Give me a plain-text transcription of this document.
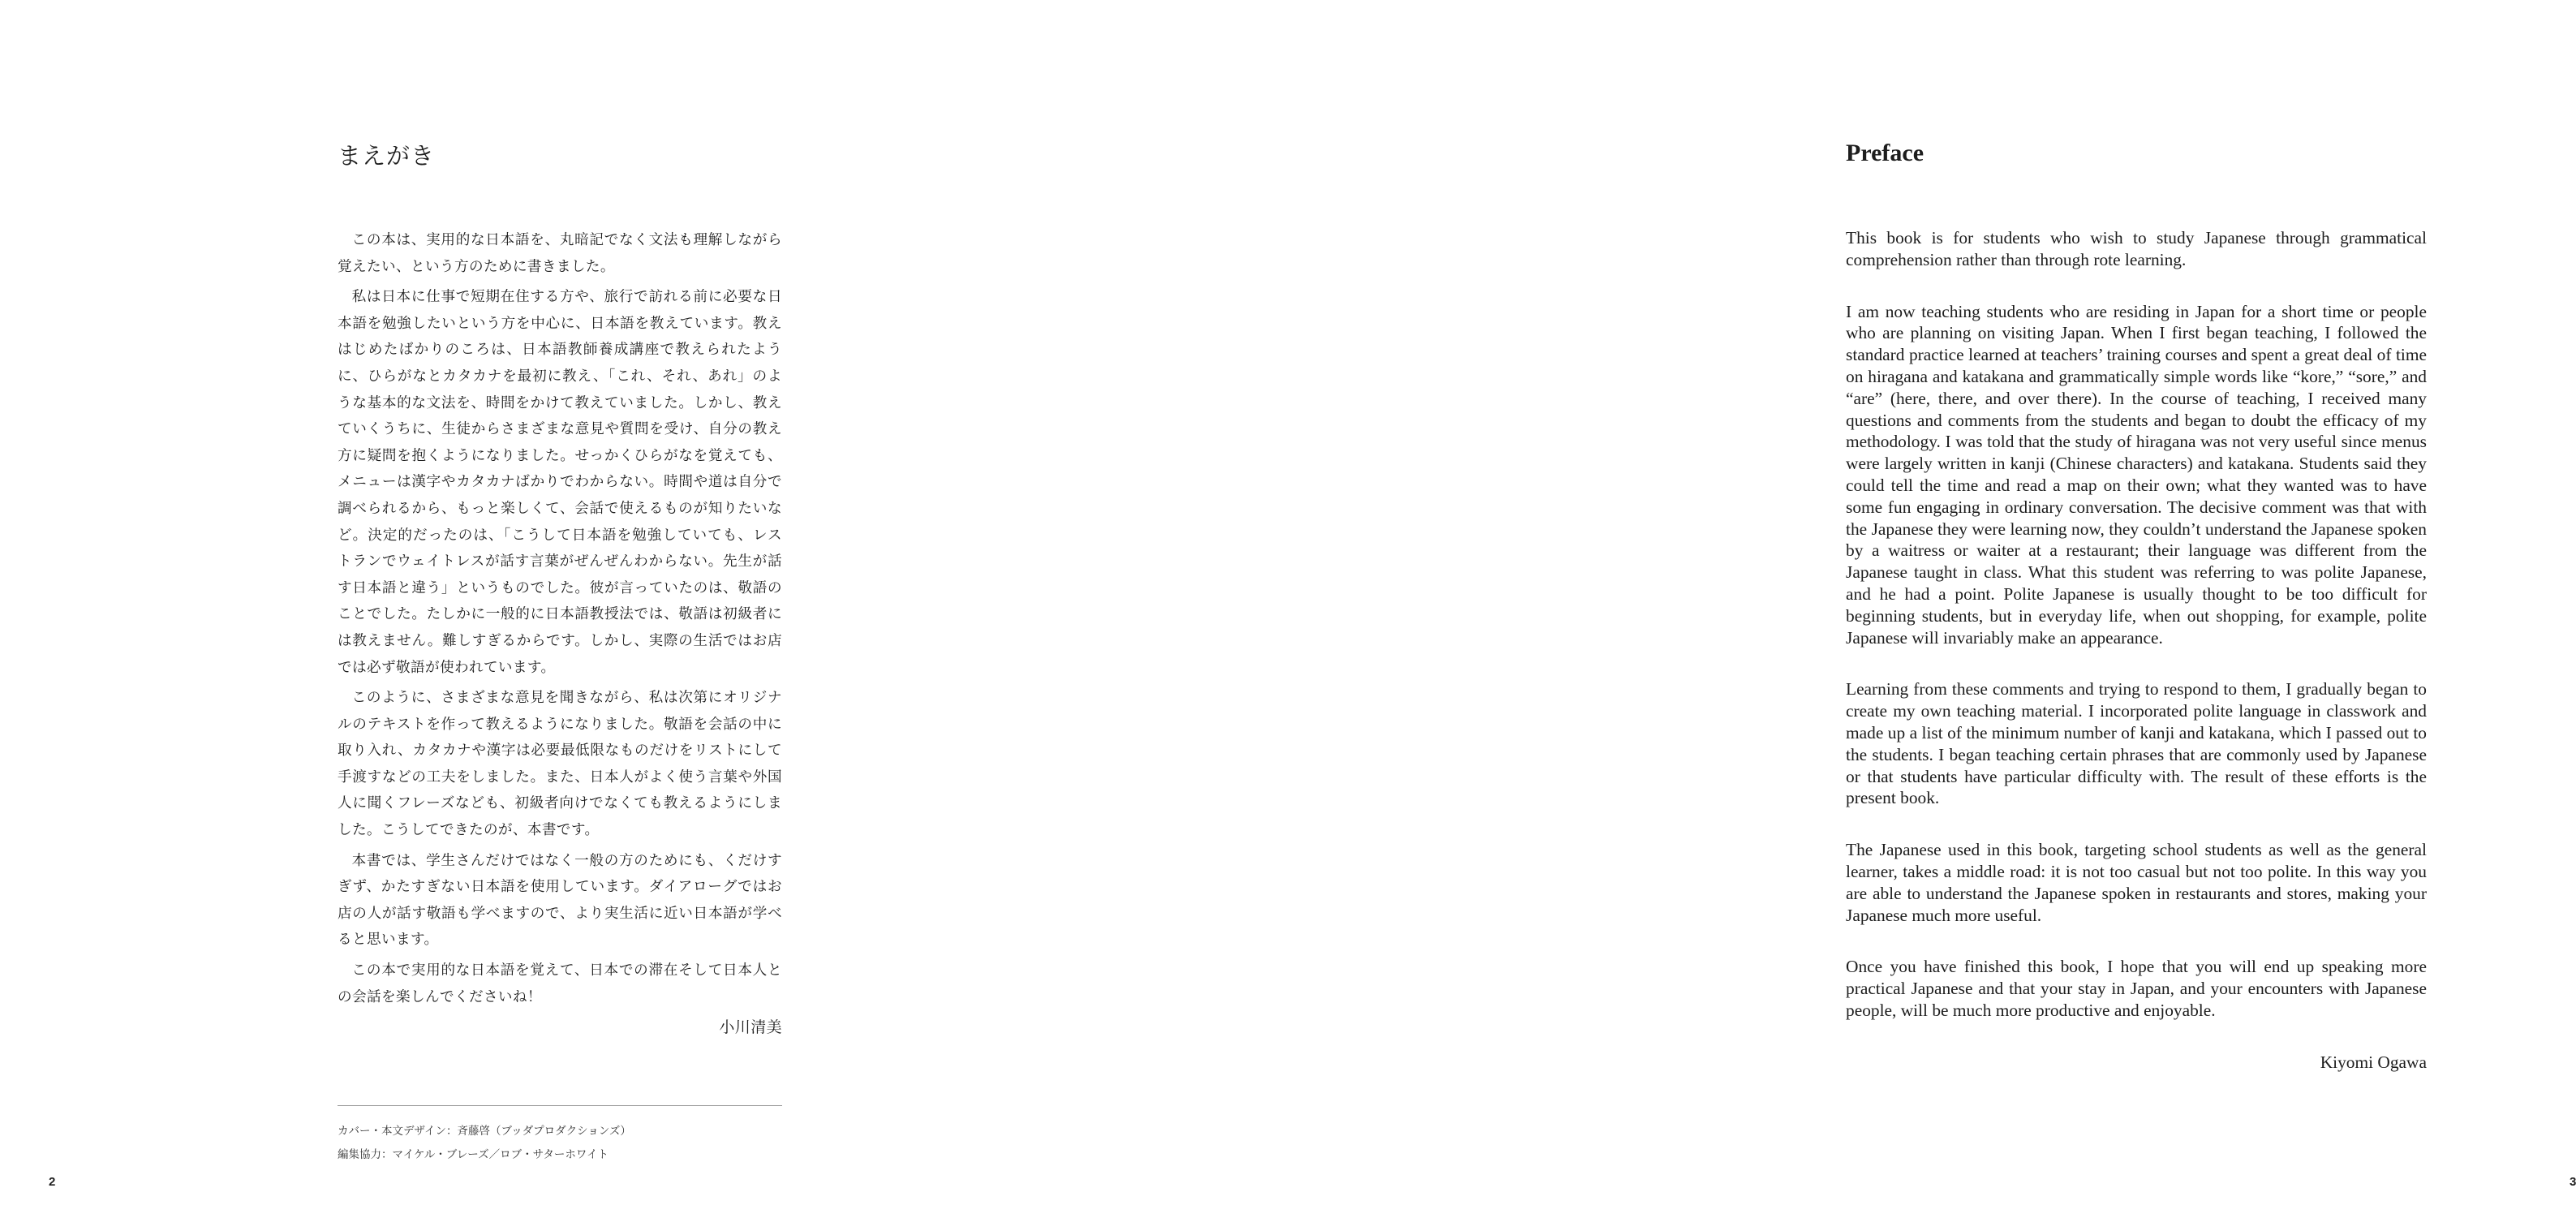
まえがき

この本は、実用的な日本語を、丸暗記でなく文法も理解しながら覚えたい、という方のために書きました。

私は日本に仕事で短期在住する方や、旅行で訪れる前に必要な日本語を勉強したいという方を中心に、日本語を教えています。教えはじめたばかりのころは、日本語教師養成講座で教えられたように、ひらがなとカタカナを最初に教え、「これ、それ、あれ」のような基本的な文法を、時間をかけて教えていました。しかし、教えていくうちに、生徒からさまざまな意見や質問を受け、自分の教え方に疑問を抱くようになりました。せっかくひらがなを覚えても、メニューは漢字やカタカナばかりでわからない。時間や道は自分で調べられるから、もっと楽しくて、会話で使えるものが知りたいなど。決定的だったのは、「こうして日本語を勉強していても、レストランでウェイトレスが話す言葉がぜんぜんわからない。先生が話す日本語と違う」というものでした。彼が言っていたのは、敬語のことでした。たしかに一般的に日本語教授法では、敬語は初級者には教えません。難しすぎるからです。しかし、実際の生活ではお店では必ず敬語が使われています。

このように、さまざまな意見を聞きながら、私は次第にオリジナルのテキストを作って教えるようになりました。敬語を会話の中に取り入れ、カタカナや漢字は必要最低限なものだけをリストにして手渡すなどの工夫をしました。また、日本人がよく使う言葉や外国人に聞くフレーズなども、初級者向けでなくても教えるようにしました。こうしてできたのが、本書です。

本書では、学生さんだけではなく一般の方のためにも、くだけすぎず、かたすぎない日本語を使用しています。ダイアローグではお店の人が話す敬語も学べますので、より実生活に近い日本語が学べると思います。

この本で実用的な日本語を覚えて、日本での滞在そして日本人との会話を楽しんでくださいね！

小川清美
カバー・本文デザイン：斉藤啓（ブッダプロダクションズ）
編集協力：マイケル・ブレーズ／ロブ・サターホワイト
2
Preface

This book is for students who wish to study Japanese through grammatical comprehension rather than through rote learning.

I am now teaching students who are residing in Japan for a short time or people who are planning on visiting Japan. When I first began teaching, I followed the standard practice learned at teachers’ training courses and spent a great deal of time on hiragana and katakana and grammatically simple words like “kore,” “sore,” and “are” (here, there, and over there). In the course of teaching, I received many questions and comments from the students and began to doubt the efficacy of my methodology. I was told that the study of hiragana was not very useful since menus were largely written in kanji (Chinese characters) and katakana. Students said they could tell the time and read a map on their own; what they wanted was to have some fun engaging in ordinary conversation. The decisive comment was that with the Japanese they were learning now, they couldn’t understand the Japanese spoken by a waitress or waiter at a restaurant; their language was different from the Japanese taught in class. What this student was referring to was polite Japanese, and he had a point. Polite Japanese is usually thought to be too difficult for beginning students, but in everyday life, when out shopping, for example, polite Japanese will invariably make an appearance.

Learning from these comments and trying to respond to them, I gradually began to create my own teaching material. I incorporated polite language in classwork and made up a list of the minimum number of kanji and katakana, which I passed out to the students. I began teaching certain phrases that are commonly used by Japanese or that students have particular difficulty with. The result of these efforts is the present book.

The Japanese used in this book, targeting school students as well as the general learner, takes a middle road: it is not too casual but not too polite. In this way you are able to understand the Japanese spoken in restaurants and stores, making your Japanese much more useful.

Once you have finished this book, I hope that you will end up speaking more practical Japanese and that your stay in Japan, and your encounters with Japanese people, will be much more productive and enjoyable.

Kiyomi Ogawa
3
